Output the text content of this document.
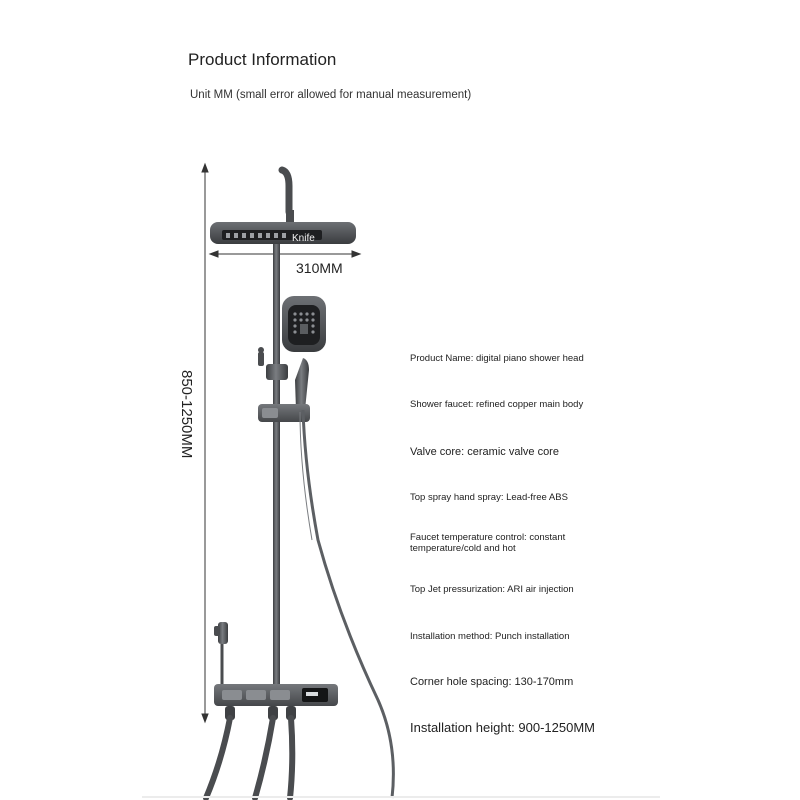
Product Information
Unit MM (small error allowed for manual measurement)
850-1250MM
310MM
Knife
Product Name: digital piano shower head
Shower faucet: refined copper main body
Valve core: ceramic valve core
Top spray hand spray: Lead-free ABS
Faucet temperature control: constant temperature/cold and hot
Top Jet pressurization: ARI air injection
Installation method: Punch installation
Corner hole spacing: 130-170mm
Installation height: 900-1250MM
